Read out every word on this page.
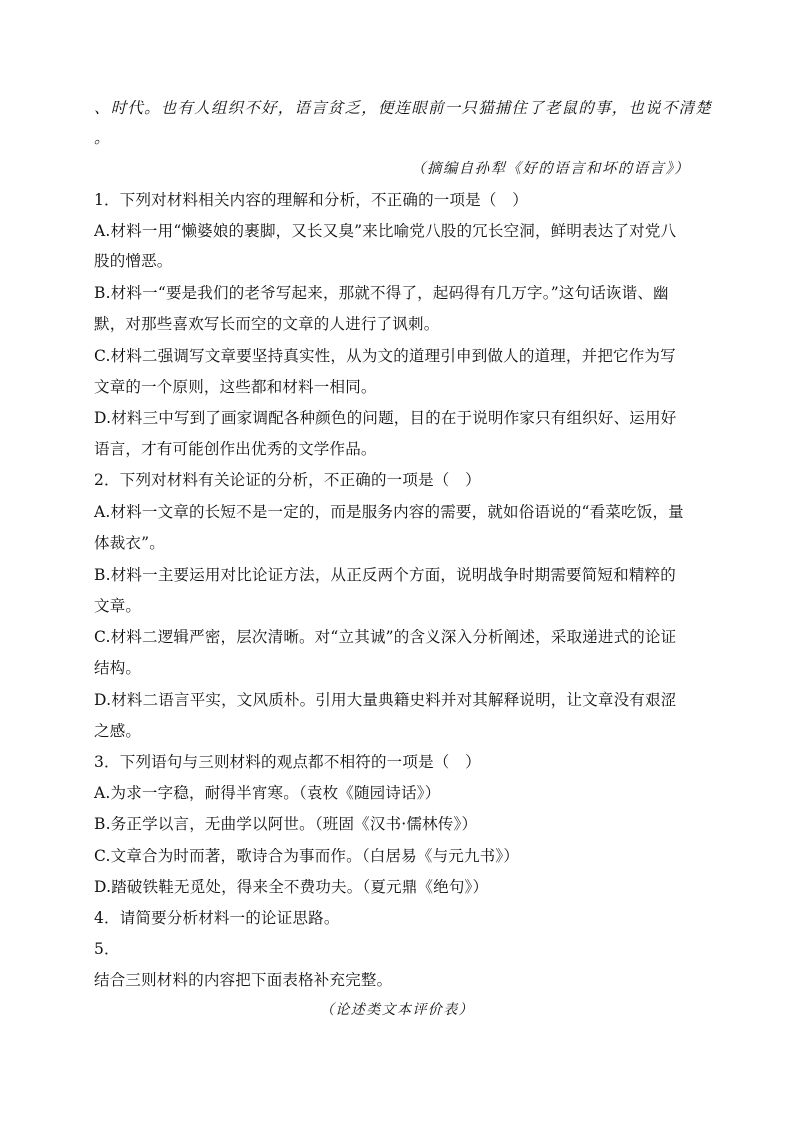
、时代。也有人组织不好，语言贫乏，便连眼前一只猫捕住了老鼠的事，也说不清楚
。
（摘编自孙犁《好的语言和坏的语言》）
1．下列对材料相关内容的理解和分析，不正确的一项是（　）
A.材料一用“懒婆娘的裹脚，又长又臭”来比喻党八股的冗长空洞，鲜明表达了对党八
股的憎恶。
B.材料一“要是我们的老爷写起来，那就不得了，起码得有几万字。”这句话诙谐、幽
默，对那些喜欢写长而空的文章的人进行了讽刺。
C.材料二强调写文章要坚持真实性，从为文的道理引申到做人的道理，并把它作为写
文章的一个原则，这些都和材料一相同。
D.材料三中写到了画家调配各种颜色的问题，目的在于说明作家只有组织好、运用好
语言，才有可能创作出优秀的文学作品。
2．下列对材料有关论证的分析，不正确的一项是（　）
A.材料一文章的长短不是一定的，而是服务内容的需要，就如俗语说的“看菜吃饭，量
体裁衣”。
B.材料一主要运用对比论证方法，从正反两个方面，说明战争时期需要简短和精粹的
文章。
C.材料二逻辑严密，层次清晰。对“立其诚”的含义深入分析阐述，采取递进式的论证
结构。
D.材料二语言平实，文风质朴。引用大量典籍史料并对其解释说明，让文章没有艰涩
之感。
3．下列语句与三则材料的观点都不相符的一项是（　）
A.为求一字稳，耐得半宵寒。（袁枚《随园诗话》）
B.务正学以言，无曲学以阿世。（班固《汉书·儒林传》）
C.文章合为时而著，歌诗合为事而作。（白居易《与元九书》）
D.踏破铁鞋无觅处，得来全不费功夫。（夏元鼎《绝句》）
4．请简要分析材料一的论证思路。
5．
结合三则材料的内容把下面表格补充完整。
（论述类文本评价表）
